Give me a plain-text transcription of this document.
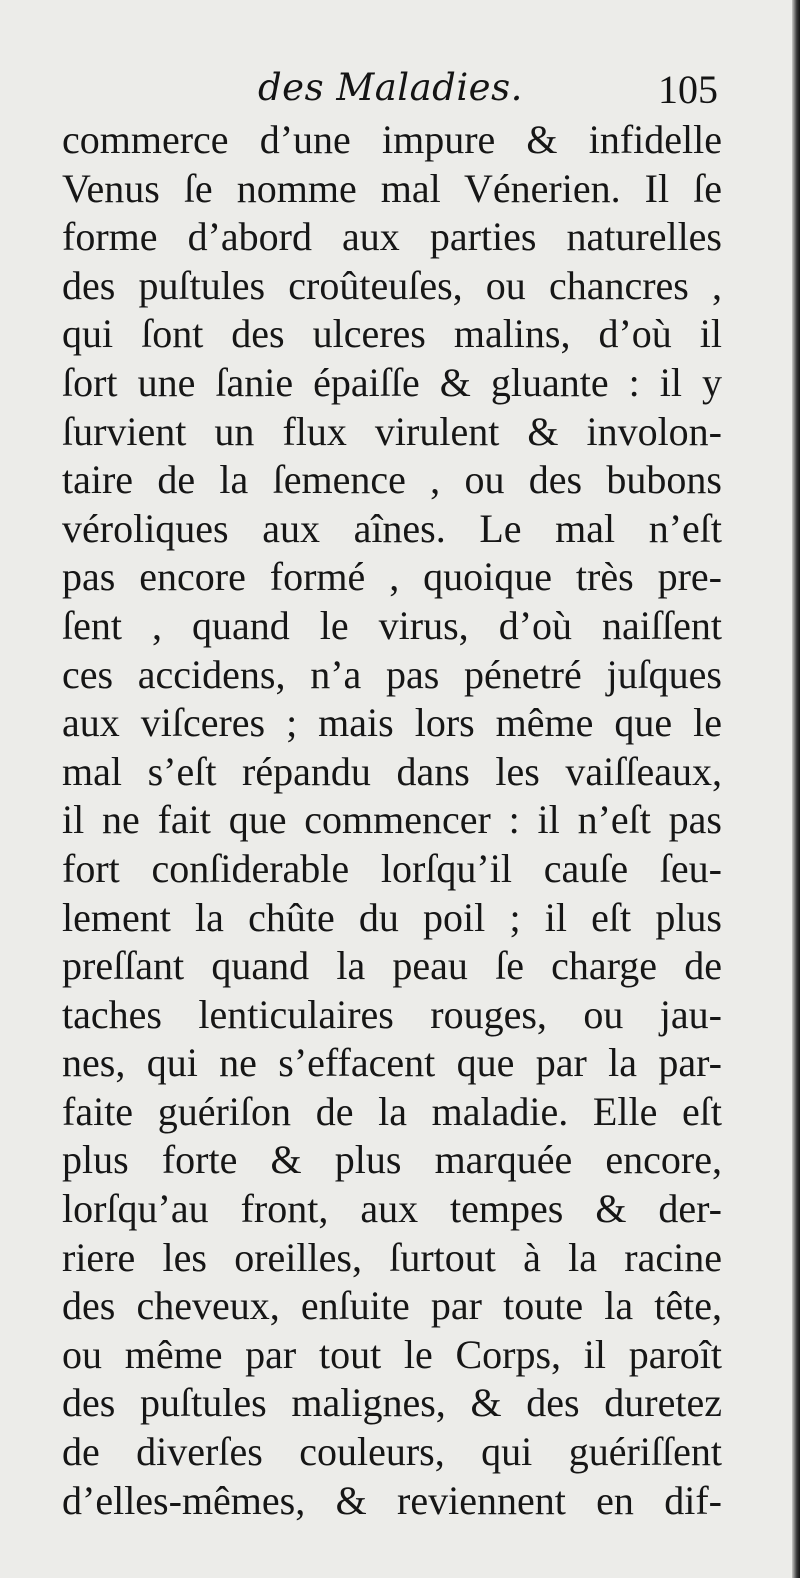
des Maladies.	105
commerce d’une impure & infidelle
Venus ſe nomme mal Vénerien. Il ſe
forme d’abord aux parties naturelles
des puſtules croûteuſes, ou chancres ,
qui ſont des ulceres malins, d’où il
ſort une ſanie épaiſſe & gluante : il y
ſurvient un flux virulent & involon-
taire de la ſemence , ou des bubons
véroliques aux aînes. Le mal n’eſt
pas encore formé , quoique très pre-
ſent , quand le virus, d’où naiſſent
ces accidens, n’a pas pénetré juſques
aux viſceres ; mais lors même que le
mal s’eſt répandu dans les vaiſſeaux,
il ne fait que commencer : il n’eſt pas
fort conſiderable lorſqu’il cauſe ſeu-
lement la chûte du poil ; il eſt plus
preſſant quand la peau ſe charge de
taches lenticulaires rouges, ou jau-
nes, qui ne s’effacent que par la par-
faite guériſon de la maladie. Elle eſt
plus forte & plus marquée encore,
lorſqu’au front, aux tempes & der-
riere les oreilles, ſurtout à la racine
des cheveux, enſuite par toute la tête,
ou même par tout le Corps, il paroît
des puſtules malignes, & des duretez
de diverſes couleurs, qui guériſſent
d’elles-mêmes, & reviennent en dif-
